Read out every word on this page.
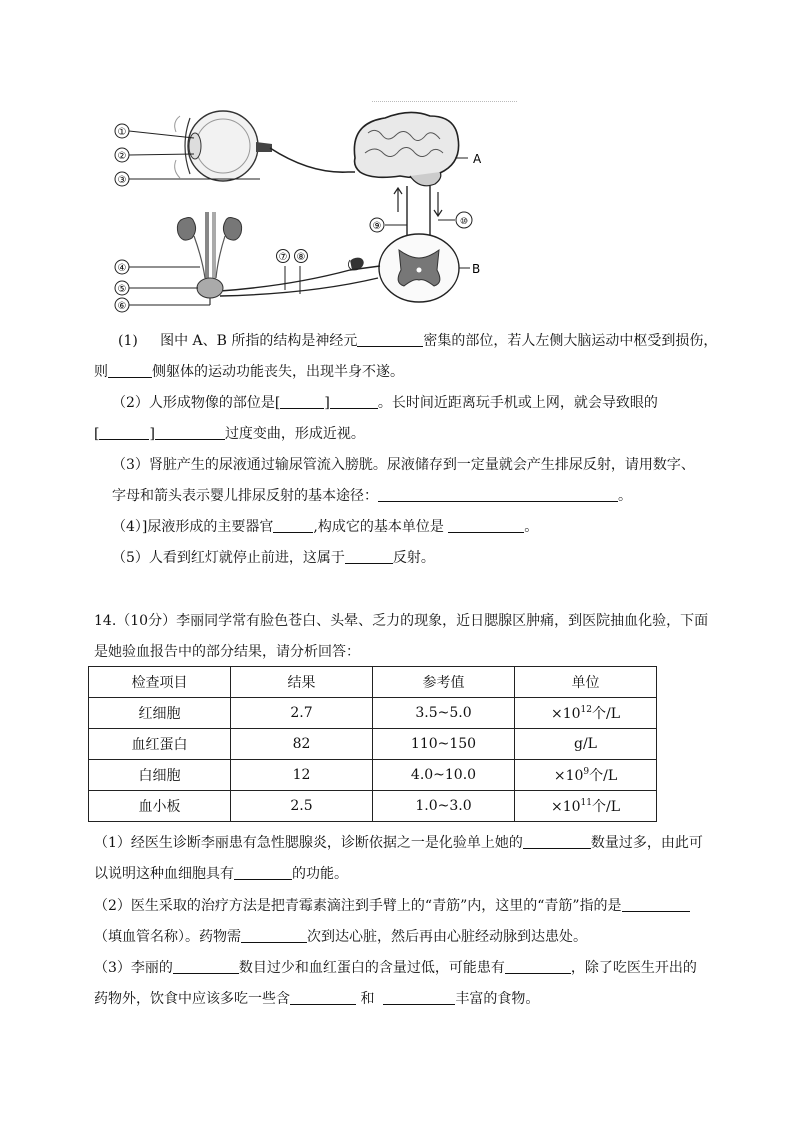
A
⑨	⑩
B
⑦ ⑧
①
②
③
④
⑤
⑥
(1) 图中 A、B 所指的结构是神经元	密集的部位，若人左侧大脑运动中枢受到损伤，
则	侧躯体的运动功能丧失，出现半身不遂。
（2）人形成物像的部位是[	]	。长时间近距离玩手机或上网，就会导致眼的
[	]	过度变曲，形成近视。
（3）肾脏产生的尿液通过输尿管流入膀胱。尿液储存到一定量就会产生排尿反射，请用数字、
字母和箭头表示婴儿排尿反射的基本途径：	。
（4）]尿液形成的主要器官	,构成它的基本单位是	。
（5）人看到红灯就停止前进，这属于	反射。
14.（10分）李丽同学常有脸色苍白、头晕、乏力的现象，近日腮腺区肿痛，到医院抽血化验，下面
是她验血报告中的部分结果，请分析回答：
检查项目	结果	参考值	单位
红细胞	2.7	3.5~5.0	$\times 10^{12}$个/L
血红蛋白	82	110~150	g/L
白细胞	12	4.0~10.0	$\times 10^9$个/L
血小板	2.5	1.0~3.0	$\times 10^{11}$个/L
（1）经医生诊断李丽患有急性腮腺炎，诊断依据之一是化验单上她的	数量过多，由此可
以说明这种血细胞具有	的功能。
（2）医生采取的治疗方法是把青霉素滴注到手臂上的“青筋”内，这里的“青筋”指的是
（填血管名称）。药物需	次到达心脏，然后再由心脏经动脉到达患处。
（3）李丽的	数目过少和血红蛋白的含量过低，可能患有	，除了吃医生开出的
药物外，饮食中应该多吃一些含	和	丰富的食物。
